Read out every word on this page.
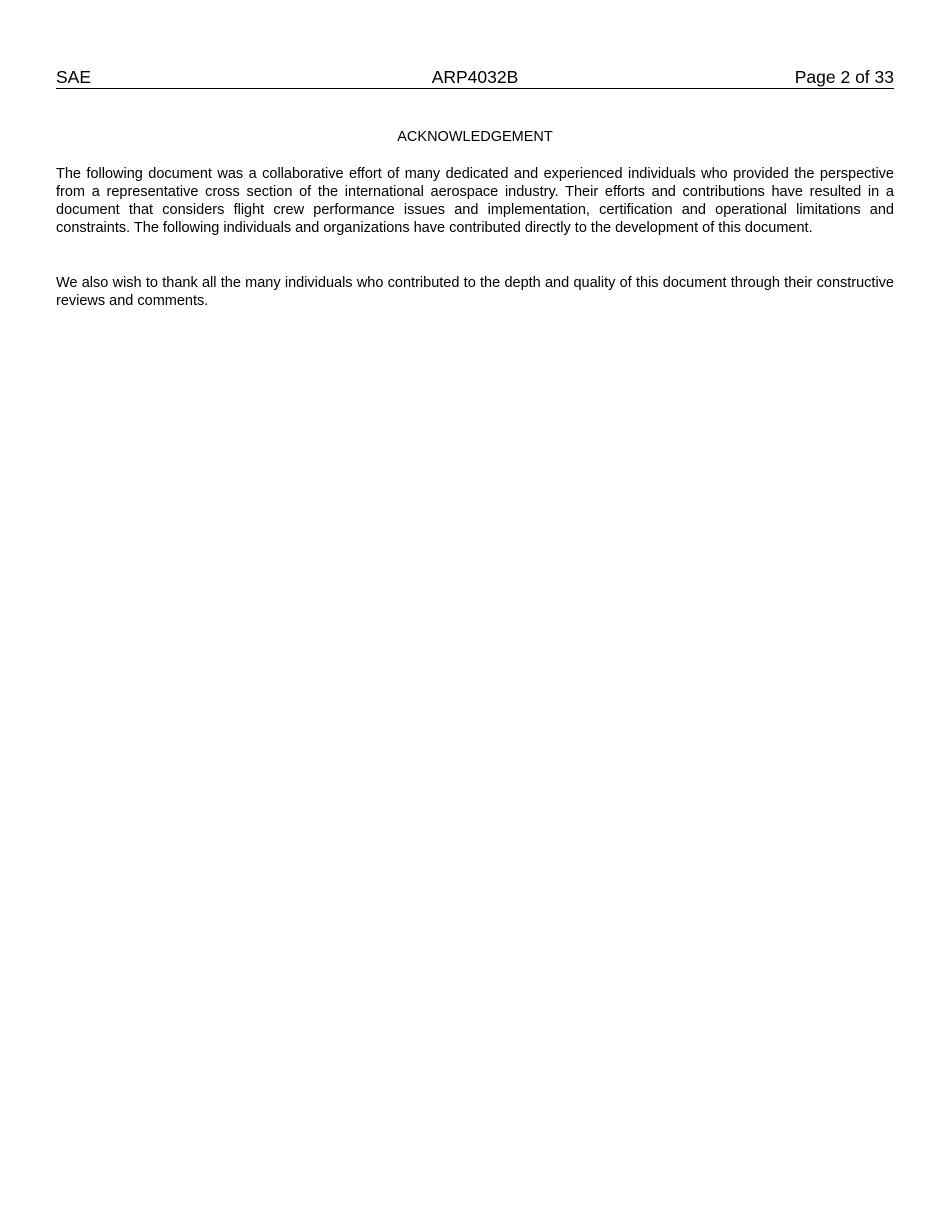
ARP4032B
SAE	Page 2 of 33
ACKNOWLEDGEMENT

The following document was a collaborative effort of many dedicated and experienced individuals who provided the perspective from a representative cross section of the international aerospace industry. Their efforts and contributions have resulted in a document that considers flight crew performance issues and implementation, certification and operational limitations and constraints. The following individuals and organizations have contributed directly to the development of this document.

We also wish to thank all the many individuals who contributed to the depth and quality of this document through their constructive reviews and comments.
